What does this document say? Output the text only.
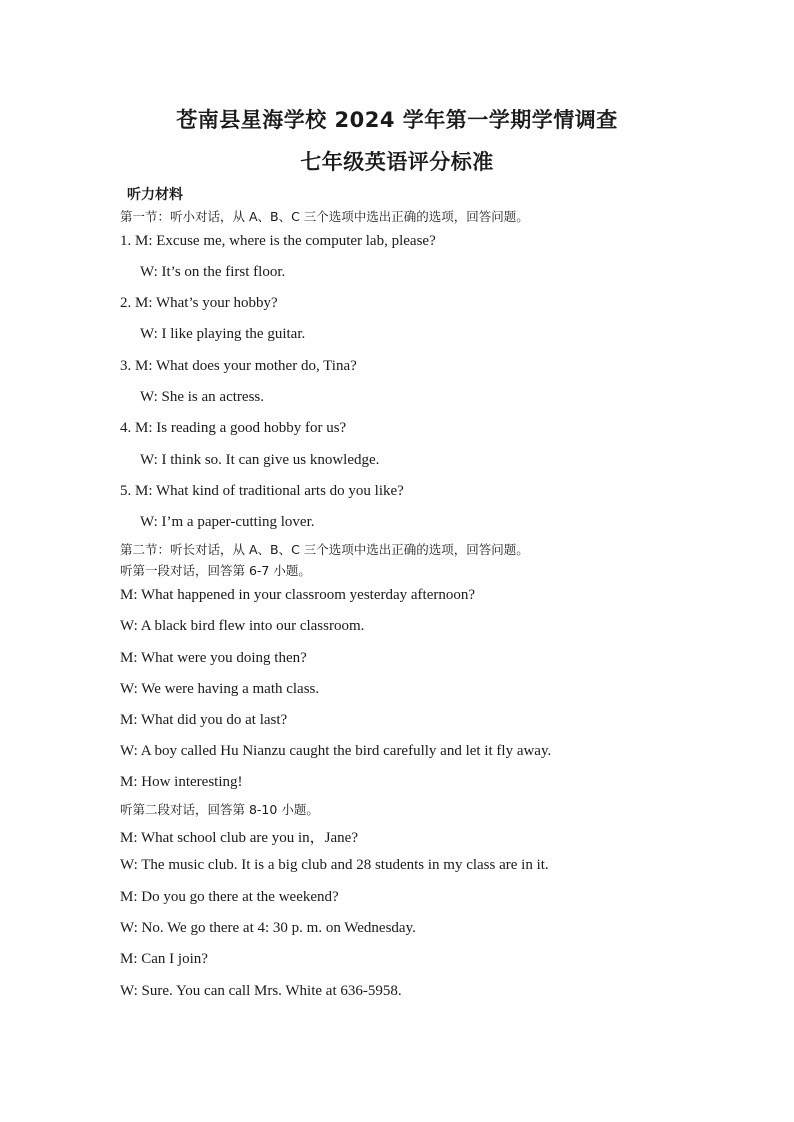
苍南县星海学校 2024 学年第一学期学情调查
七年级英语评分标准
听力材料
第一节：听小对话，从 A、B、C 三个选项中选出正确的选项，回答问题。
1. M: Excuse me, where is the computer lab, please?
W: It’s on the first floor.
2. M: What’s your hobby?
W: I like playing the guitar.
3. M: What does your mother do, Tina?
W: She is an actress.
4. M: Is reading a good hobby for us?
W: I think so. It can give us knowledge.
5. M: What kind of traditional arts do you like?
W: I’m a paper-cutting lover.
第二节：听长对话，从 A、B、C 三个选项中选出正确的选项，回答问题。
听第一段对话，回答第 6-7 小题。
M: What happened in your classroom yesterday afternoon?
W: A black bird flew into our classroom.
M: What were you doing then?
W: We were having a math class.
M: What did you do at last?
W: A boy called Hu Nianzu caught the bird carefully and let it fly away.
M: How interesting!
听第二段对话，回答第 8-10 小题。
M: What school club are you in，Jane?
W: The music club. It is a big club and 28 students in my class are in it.
M: Do you go there at the weekend?
W: No. We go there at 4: 30 p. m. on Wednesday.
M: Can I join?
W: Sure. You can call Mrs. White at 636-5958.
